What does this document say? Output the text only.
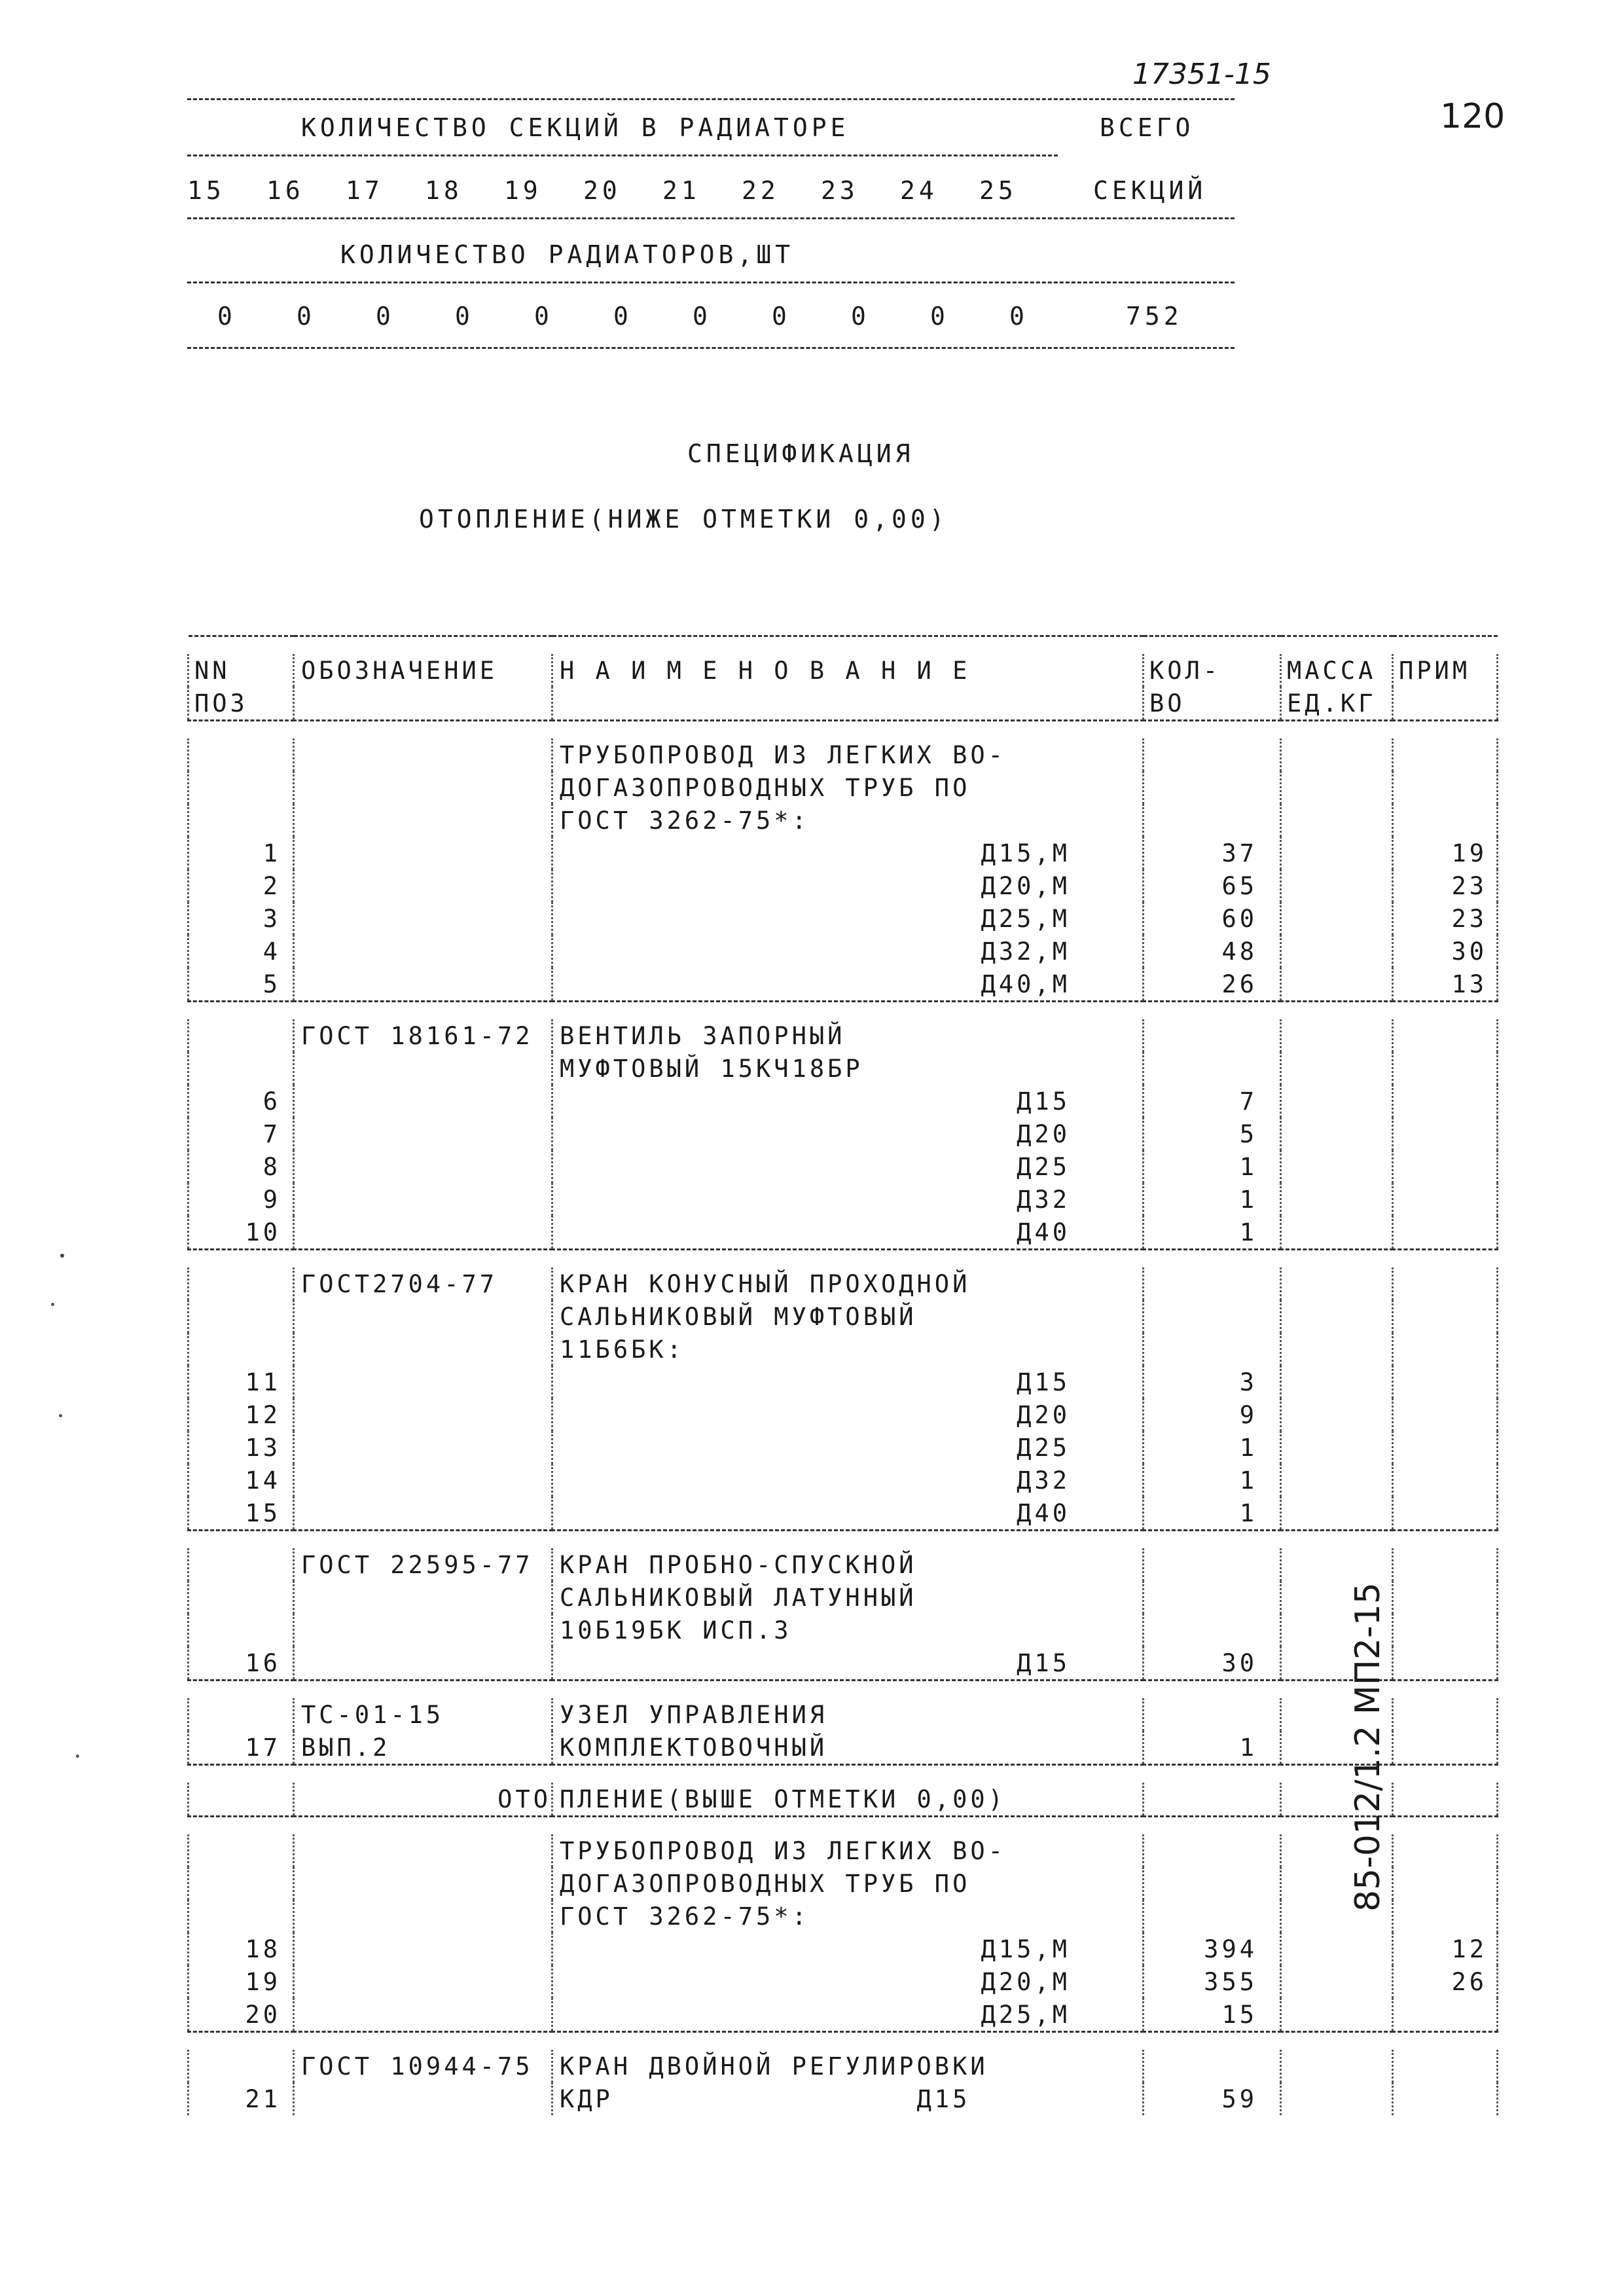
17351-15
120
КОЛИЧЕСТВО СЕКЦИЙ В РАДИАТОРЕ	ВСЕГО
15 16 17 18 19 20 21 22 23 24 25	СЕКЦИЙ
КОЛИЧЕСТВО РАДИАТОРОВ,ШТ
0 0 0 0 0 0 0 0 0 0 0	752
СПЕЦИФИКАЦИЯ
ОТОПЛЕНИЕ(НИЖЕ ОТМЕТКИ 0,00)

NN	ОБОЗНАЧЕНИЕ	Н А И М Е Н О В А Н И Е	КОЛ-	МАССА	ПРИМ
ПОЗ			ВО	ЕД.КГ	

		ТРУБОПРОВОД ИЗ ЛЕГКИХ ВО-			
		ДОГАЗОПРОВОДНЫХ ТРУБ ПО			
		ГОСТ 3262-75*:			
1		Д15,М	37		19
2		Д20,М	65		23
3		Д25,М	60		23
4		Д32,М	48		30
5		Д40,М	26		13

	ГОСТ 18161-72	ВЕНТИЛЬ ЗАПОРНЫЙ			
		МУФТОВЫЙ 15КЧ18БР			
6		Д15	7		
7		Д20	5		
8		Д25	1		
9		Д32	1		
10		Д40	1		

	ГОСТ2704-77	КРАН КОНУСНЫЙ ПРОХОДНОЙ			
		САЛЬНИКОВЫЙ МУФТОВЫЙ			
		11Б6БК:			
11		Д15	3		
12		Д20	9		
13		Д25	1		
14		Д32	1		
15		Д40	1		

	ГОСТ 22595-77	КРАН ПРОБНО-СПУСКНОЙ			
		САЛЬНИКОВЫЙ ЛАТУННЫЙ			
		10Б19БК ИСП.3			
16		Д15	30		

	ТС-01-15	УЗЕЛ УПРАВЛЕНИЯ			
17	ВЫП.2	КОМПЛЕКТОВОЧНЫЙ	1		

	ОТО	ПЛЕНИЕ(ВЫШЕ ОТМЕТКИ 0,00)			

		ТРУБОПРОВОД ИЗ ЛЕГКИХ ВО-			
		ДОГАЗОПРОВОДНЫХ ТРУБ ПО			
		ГОСТ 3262-75*:			
18		Д15,М	394		12
19		Д20,М	355		26
20		Д25,М	15		

	ГОСТ 10944-75	КРАН ДВОЙНОЙ РЕГУЛИРОВКИ			
21		КДР                 Д15	59		
85-012/1.2 МП2-15
